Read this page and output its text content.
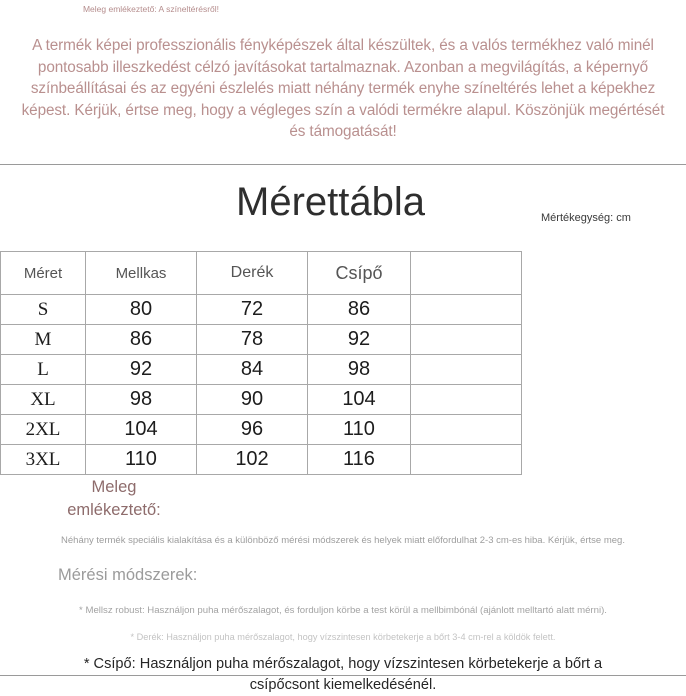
Meleg emlékeztető: A színeltérésről!
A termék képei professzionális fényképészek által készültek, és a valós termékhez való minél pontosabb illeszkedést célzó javításokat tartalmaznak. Azonban a megvilágítás, a képernyő színbeállításai és az egyéni észlelés miatt néhány termék enyhe színeltérés lehet a képekhez képest. Kérjük, értse meg, hogy a végleges szín a valódi termékre alapul. Köszönjük megértését és támogatását!
Mérettábla	Mértékegység: cm
Méret	Mellkas	Derék	Csípő	
S	80	72	86	
M	86	78	92	
L	92	84	98	
XL	98	90	104	
2XL	104	96	110	
3XL	110	102	116	
Meleg emlékeztető:
Néhány termék speciális kialakítása és a különböző mérési módszerek és helyek miatt előfordulhat 2-3 cm-es hiba. Kérjük, értse meg.
Mérési módszerek:
* Mellsz robust: Használjon puha mérőszalagot, és forduljon körbe a test körül a mellbimbónál (ajánlott melltartó alatt mérni).
* Derék: Használjon puha mérőszalagot, hogy vízszintesen körbetekerje a bőrt 3-4 cm-rel a köldök felett.
* Csípő: Használjon puha mérőszalagot, hogy vízszintesen körbetekerje a bőrt a csípőcsont kiemelkedésénél.
